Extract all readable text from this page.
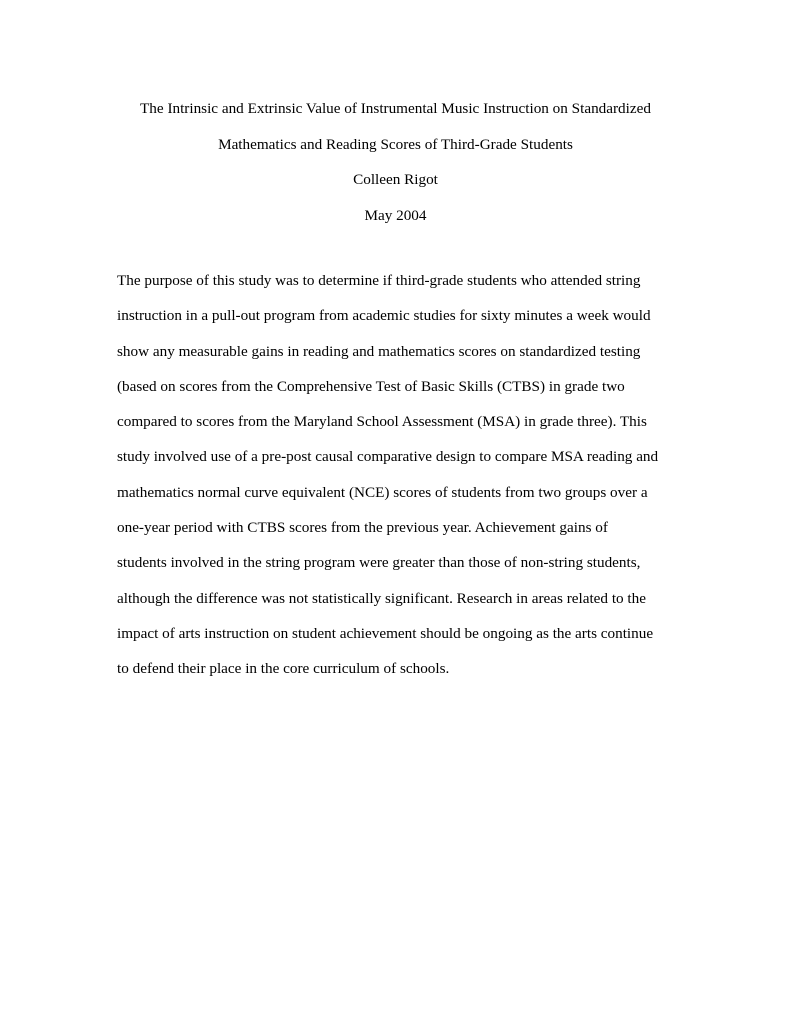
The Intrinsic and Extrinsic Value of Instrumental Music Instruction on Standardized
Mathematics and Reading Scores of Third-Grade Students
Colleen Rigot
May 2004
The purpose of this study was to determine if third-grade students who attended string
instruction in a pull-out program from academic studies for sixty minutes a week would
show any measurable gains in reading and mathematics scores on standardized testing
(based on scores from the Comprehensive Test of Basic Skills (CTBS) in grade two
compared to scores from the Maryland School Assessment (MSA) in grade three). This
study involved use of a pre-post causal comparative design to compare MSA reading and
mathematics normal curve equivalent (NCE) scores of students from two groups over a
one-year period with CTBS scores from the previous year. Achievement gains of
students involved in the string program were greater than those of non-string students,
although the difference was not statistically significant. Research in areas related to the
impact of arts instruction on student achievement should be ongoing as the arts continue
to defend their place in the core curriculum of schools.
